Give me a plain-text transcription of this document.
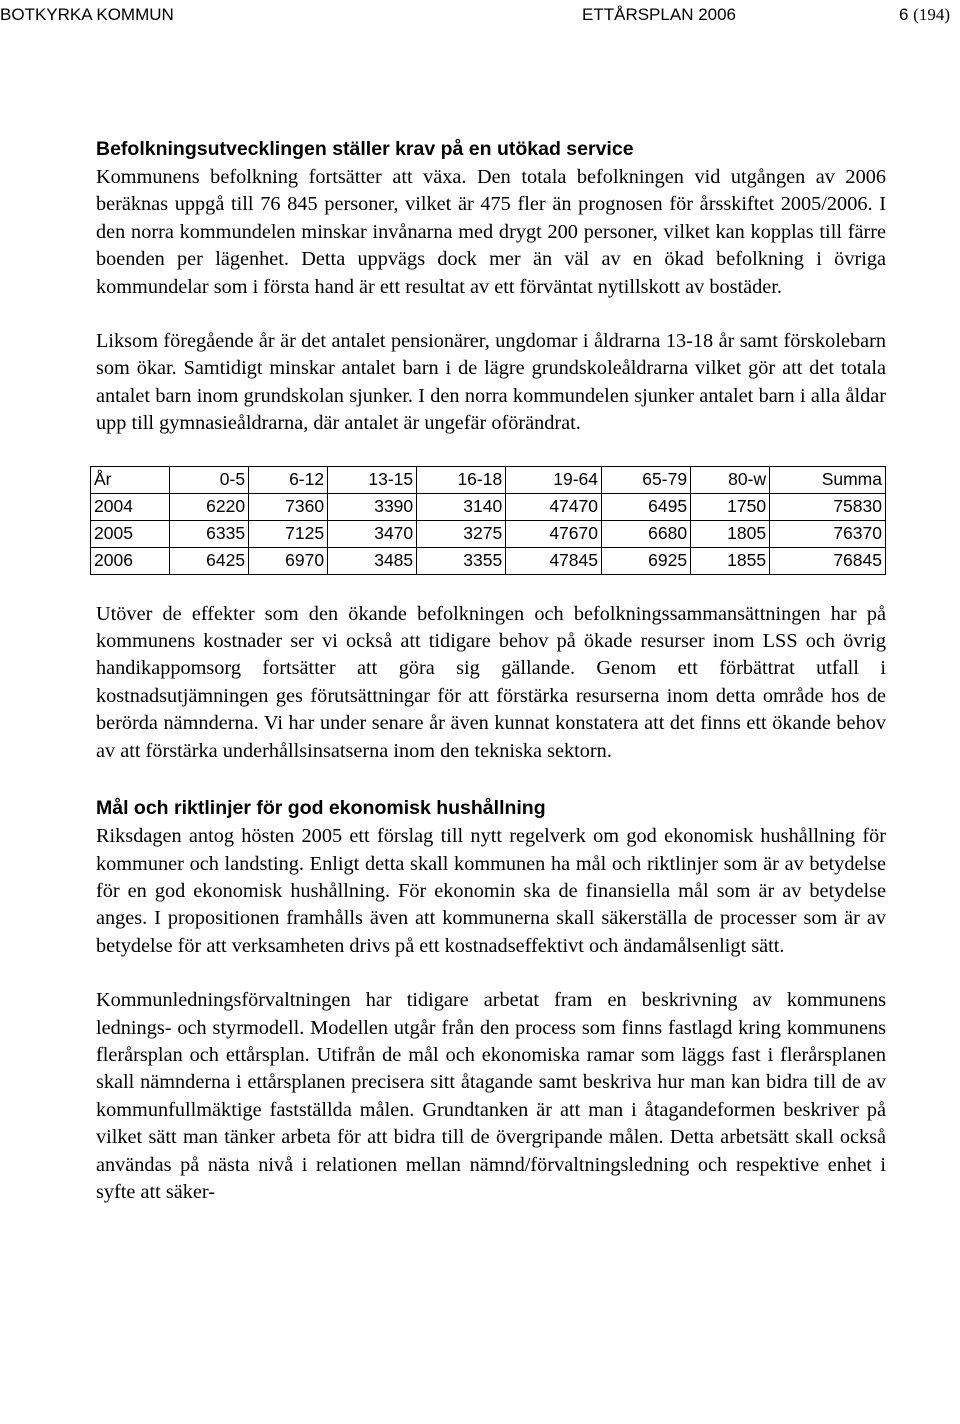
BOTKYRKA KOMMUN	ETTÅRSPLAN 2006	6 (194)
Befolkningsutvecklingen ställer krav på en utökad service

Kommunens befolkning fortsätter att växa. Den totala befolkningen vid utgången av 2006 beräknas uppgå till 76 845 personer, vilket är 475 fler än prognosen för årsskiftet 2005/2006. I den norra kommundelen minskar invånarna med drygt 200 personer, vilket kan kopplas till färre boenden per lägenhet. Detta uppvägs dock mer än väl av en ökad befolkning i övriga kommundelar som i första hand är ett resultat av ett förväntat nytillskott av bostäder.

Liksom föregående år är det antalet pensionärer, ungdomar i åldrarna 13-18 år samt förskolebarn som ökar. Samtidigt minskar antalet barn i de lägre grundskoleåldrarna vilket gör att det totala antalet barn inom grundskolan sjunker. I den norra kommundelen sjunker antalet barn i alla åldar upp till gymnasieåldrarna, där antalet är ungefär oförändrat.

År	0-5	6-12	13-15	16-18	19-64	65-79	80-w	Summa
2004	6220	7360	3390	3140	47470	6495	1750	75830
2005	6335	7125	3470	3275	47670	6680	1805	76370
2006	6425	6970	3485	3355	47845	6925	1855	76845

Utöver de effekter som den ökande befolkningen och befolkningssammansättningen har på kommunens kostnader ser vi också att tidigare behov på ökade resurser inom LSS och övrig handikappomsorg fortsätter att göra sig gällande. Genom ett förbättrat utfall i kostnadsutjämningen ges förutsättningar för att förstärka resurserna inom detta område hos de berörda nämnderna. Vi har under senare år även kunnat konstatera att det finns ett ökande behov av att förstärka underhållsinsatserna inom den tekniska sektorn.

Mål och riktlinjer för god ekonomisk hushållning

Riksdagen antog hösten 2005 ett förslag till nytt regelverk om god ekonomisk hushållning för kommuner och landsting. Enligt detta skall kommunen ha mål och riktlinjer som är av betydelse för en god ekonomisk hushållning. För ekonomin ska de finansiella mål som är av betydelse anges. I propositionen framhålls även att kommunerna skall säkerställa de processer som är av betydelse för att verksamheten drivs på ett kostnadseffektivt och ändamålsenligt sätt.

Kommunledningsförvaltningen har tidigare arbetat fram en beskrivning av kommunens lednings- och styrmodell. Modellen utgår från den process som finns fastlagd kring kommunens flerårsplan och ettårsplan. Utifrån de mål och ekonomiska ramar som läggs fast i flerårsplanen skall nämnderna i ettårsplanen precisera sitt åtagande samt beskriva hur man kan bidra till de av kommunfullmäktige fastställda målen. Grundtanken är att man i åtagandeformen beskriver på vilket sätt man tänker arbeta för att bidra till de övergripande målen. Detta arbetsätt skall också användas på nästa nivå i relationen mellan nämnd/förvaltningsledning och respektive enhet i syfte att säker-
